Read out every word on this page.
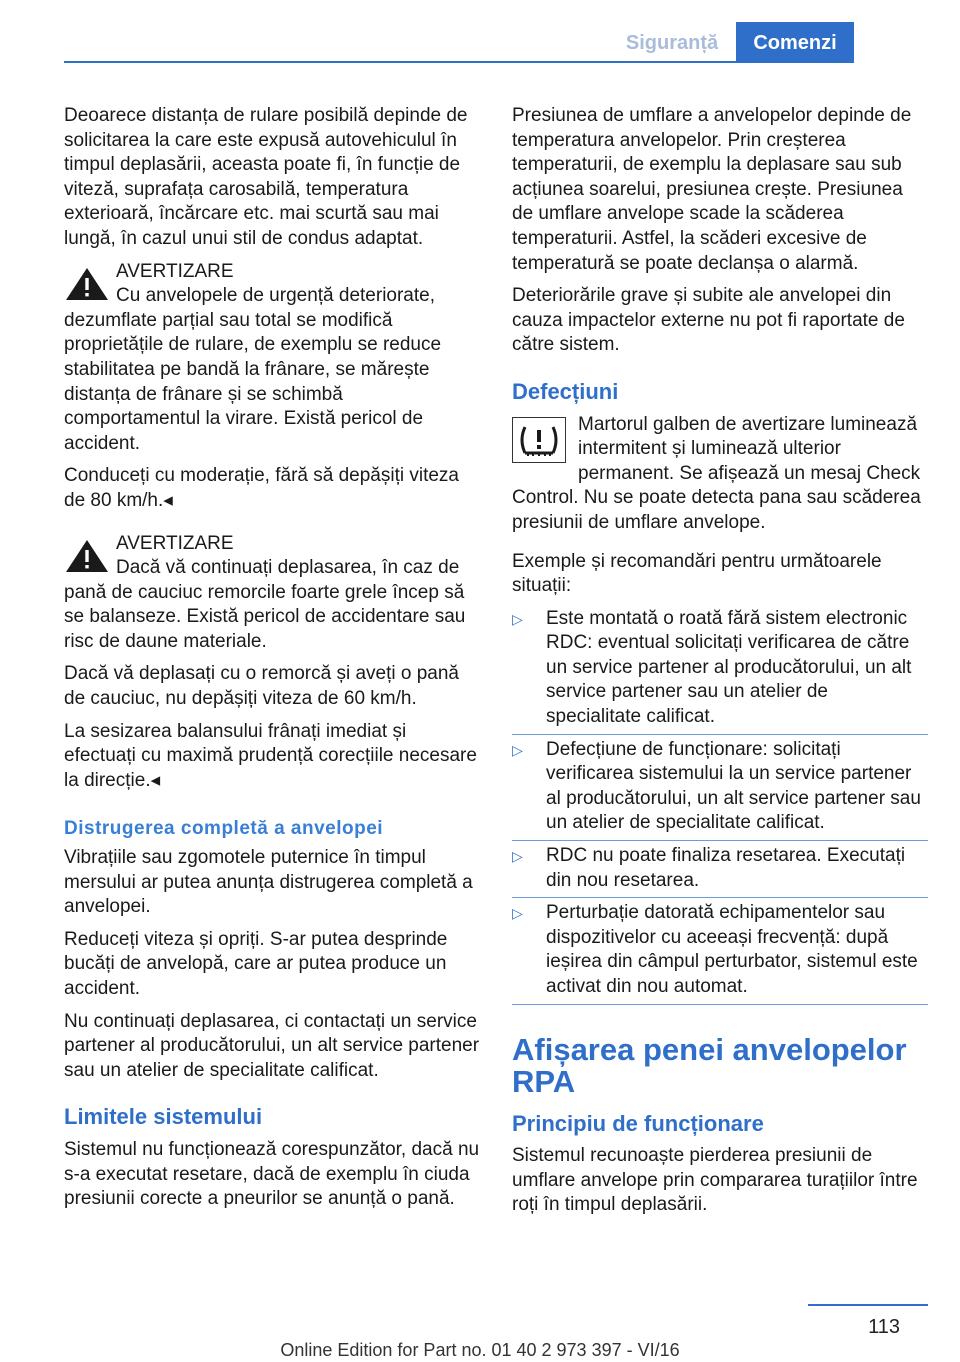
Siguranță	Comenzi

Deoarece distanța de rulare posibilă depinde de solicitarea la care este expusă autovehiculul în timpul deplasării, aceasta poate fi, în funcție de viteză, suprafața carosabilă, temperatura exterioară, încărcare etc. mai scurtă sau mai lungă, în cazul unui stil de condus adaptat.

AVERTIZARE

Cu anvelopele de urgență deteriorate, dezumflate parțial sau total se modifică proprietățile de rulare, de exemplu se reduce stabilitatea pe bandă la frânare, se mărește distanța de frânare și se schimbă comportamentul la virare. Există pericol de accident.

Conduceți cu moderație, fără să depășiți viteza de 80 km/h.◂

AVERTIZARE

Dacă vă continuați deplasarea, în caz de pană de cauciuc remorcile foarte grele încep să se balanseze. Există pericol de accidentare sau risc de daune materiale.

Dacă vă deplasați cu o remorcă și aveți o pană de cauciuc, nu depășiți viteza de 60 km/h.

La sesizarea balansului frânați imediat și efectuați cu maximă prudență corecțiile necesare la direcție.◂

Distrugerea completă a anvelopei

Vibrațiile sau zgomotele puternice în timpul mersului ar putea anunța distrugerea completă a anvelopei.

Reduceți viteza și opriți. S-ar putea desprinde bucăți de anvelopă, care ar putea produce un accident.

Nu continuați deplasarea, ci contactați un service partener al producătorului, un alt service partener sau un atelier de specialitate calificat.

Limitele sistemului

Sistemul nu funcționează corespunzător, dacă nu s-a executat resetare, dacă de exemplu în ciuda presiunii corecte a pneurilor se anunță o pană.

Presiunea de umflare a anvelopelor depinde de temperatura anvelopelor. Prin creșterea temperaturii, de exemplu la deplasare sau sub acțiunea soarelui, presiunea crește. Presiunea de umflare anvelope scade la scăderea temperaturii. Astfel, la scăderi excesive de temperatură se poate declanșa o alarmă.

Deteriorările grave și subite ale anvelopei din cauza impactelor externe nu pot fi raportate de către sistem.

Defecțiuni

Martorul galben de avertizare luminează intermitent și luminează ulterior permanent. Se afișează un mesaj Check Control. Nu se poate detecta pana sau scăderea presiunii de umflare anvelope.

Exemple și recomandări pentru următoarele situații:

▷ Este montată o roată fără sistem electronic RDC: eventual solicitați verificarea de către un service partener al producătorului, un alt service partener sau un atelier de specialitate calificat.
▷ Defecțiune de funcționare: solicitați verificarea sistemului la un service partener al producătorului, un alt service partener sau un atelier de specialitate calificat.
▷ RDC nu poate finaliza resetarea. Executați din nou resetarea.
▷ Perturbație datorată echipamentelor sau dispozitivelor cu aceeași frecvență: după ieșirea din câmpul perturbator, sistemul este activat din nou automat.
Afișarea penei anvelopelor RPA
Principiu de funcționare

Sistemul recunoaște pierderea presiunii de umflare anvelope prin compararea turațiilor între roți în timpul deplasării.

113
Online Edition for Part no. 01 40 2 973 397 - VI/16
